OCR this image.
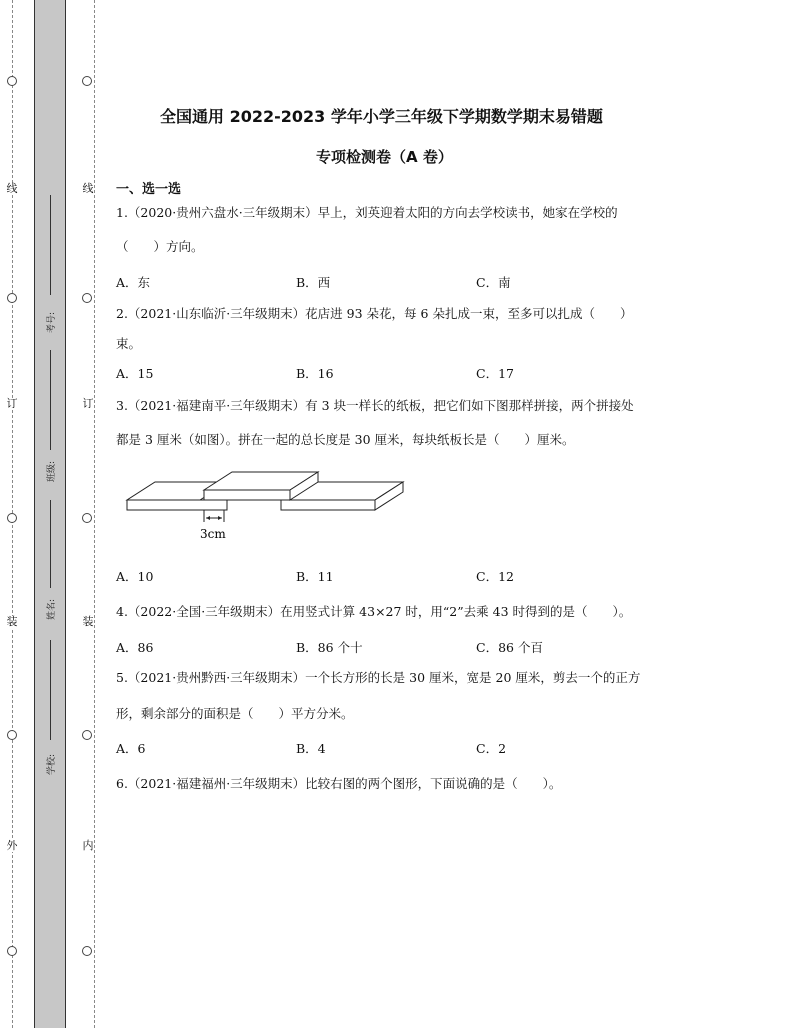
线
订
装
外
线
订
装
内
考号:
班级:
姓名:
学校:
全国通用 2022-2023 学年小学三年级下学期数学期末易错题
专项检测卷（A 卷）
一、选一选
1.（2020·贵州六盘水·三年级期末）早上，刘英迎着太阳的方向去学校读书，她家在学校的
（　　）方向。
A．东	B．西	C．南
2.（2021·山东临沂·三年级期末）花店进 93 朵花，每 6 朵扎成一束，至多可以扎成（　　）
束。
A．15	B．16	C．17
3.（2021·福建南平·三年级期末）有 3 块一样长的纸板，把它们如下图那样拼接，两个拼接处
都是 3 厘米（如图）。拼在一起的总长度是 30 厘米，每块纸板长是（　　）厘米。
3cm
A．10	B．11	C．12
4.（2022·全国·三年级期末）在用竖式计算 43×27 时，用“2”去乘 43 时得到的是（　　）。
A．86	B．86 个十	C．86 个百
5.（2021·贵州黔西·三年级期末）一个长方形的长是 30 厘米，宽是 20 厘米，剪去一个的正方
形，剩余部分的面积是（　　）平方分米。
A．6	B．4	C．2
6.（2021·福建福州·三年级期末）比较右图的两个图形，下面说确的是（　　）。
